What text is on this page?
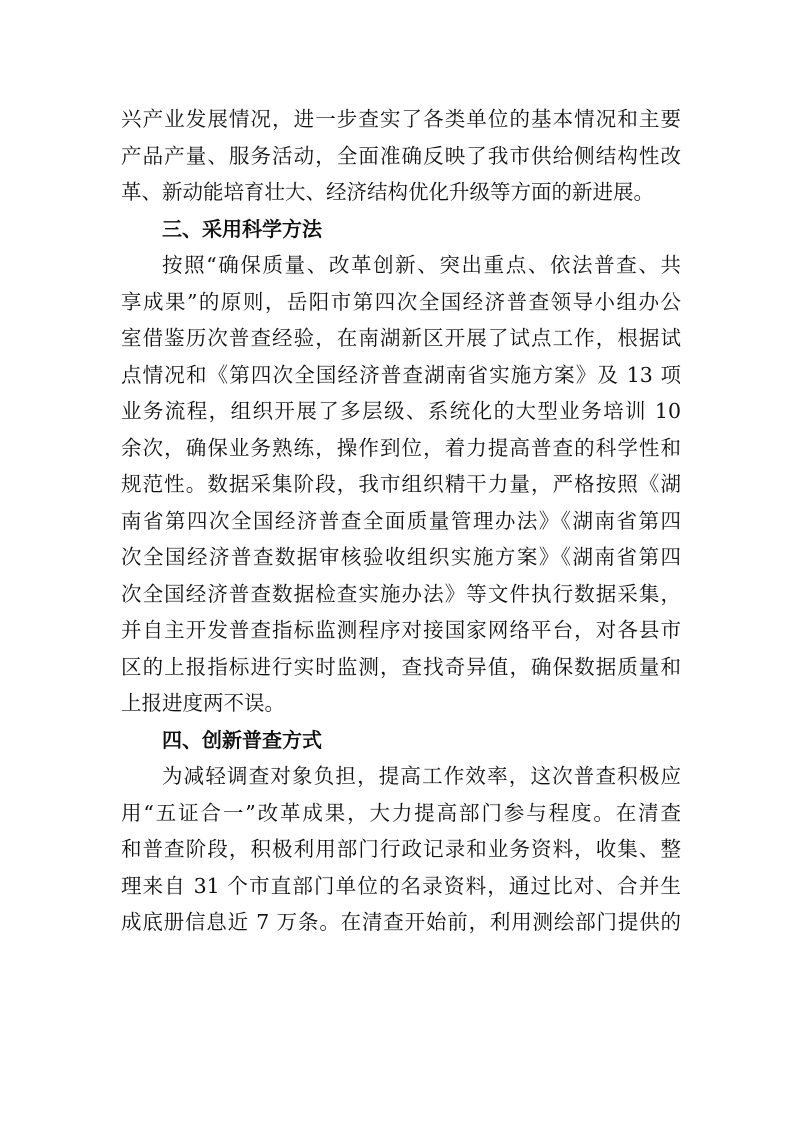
兴产业发展情况，进一步查实了各类单位的基本情况和主要
产品产量、服务活动，全面准确反映了我市供给侧结构性改
革、新动能培育壮大、经济结构优化升级等方面的新进展。
三、采用科学方法
按照“确保质量、改革创新、突出重点、依法普查、共
享成果”的原则，岳阳市第四次全国经济普查领导小组办公
室借鉴历次普查经验，在南湖新区开展了试点工作，根据试
点情况和《第四次全国经济普查湖南省实施方案》及 13 项
业务流程，组织开展了多层级、系统化的大型业务培训 10
余次，确保业务熟练，操作到位，着力提高普查的科学性和
规范性。数据采集阶段，我市组织精干力量，严格按照《湖
南省第四次全国经济普查全面质量管理办法》《湖南省第四
次全国经济普查数据审核验收组织实施方案》《湖南省第四
次全国经济普查数据检查实施办法》等文件执行数据采集，
并自主开发普查指标监测程序对接国家网络平台，对各县市
区的上报指标进行实时监测，查找奇异值，确保数据质量和
上报进度两不误。
四、创新普查方式
为减轻调查对象负担，提高工作效率，这次普查积极应
用“五证合一”改革成果，大力提高部门参与程度。在清查
和普查阶段，积极利用部门行政记录和业务资料，收集、整
理来自 31 个市直部门单位的名录资料，通过比对、合并生
成底册信息近 7 万条。在清查开始前，利用测绘部门提供的
